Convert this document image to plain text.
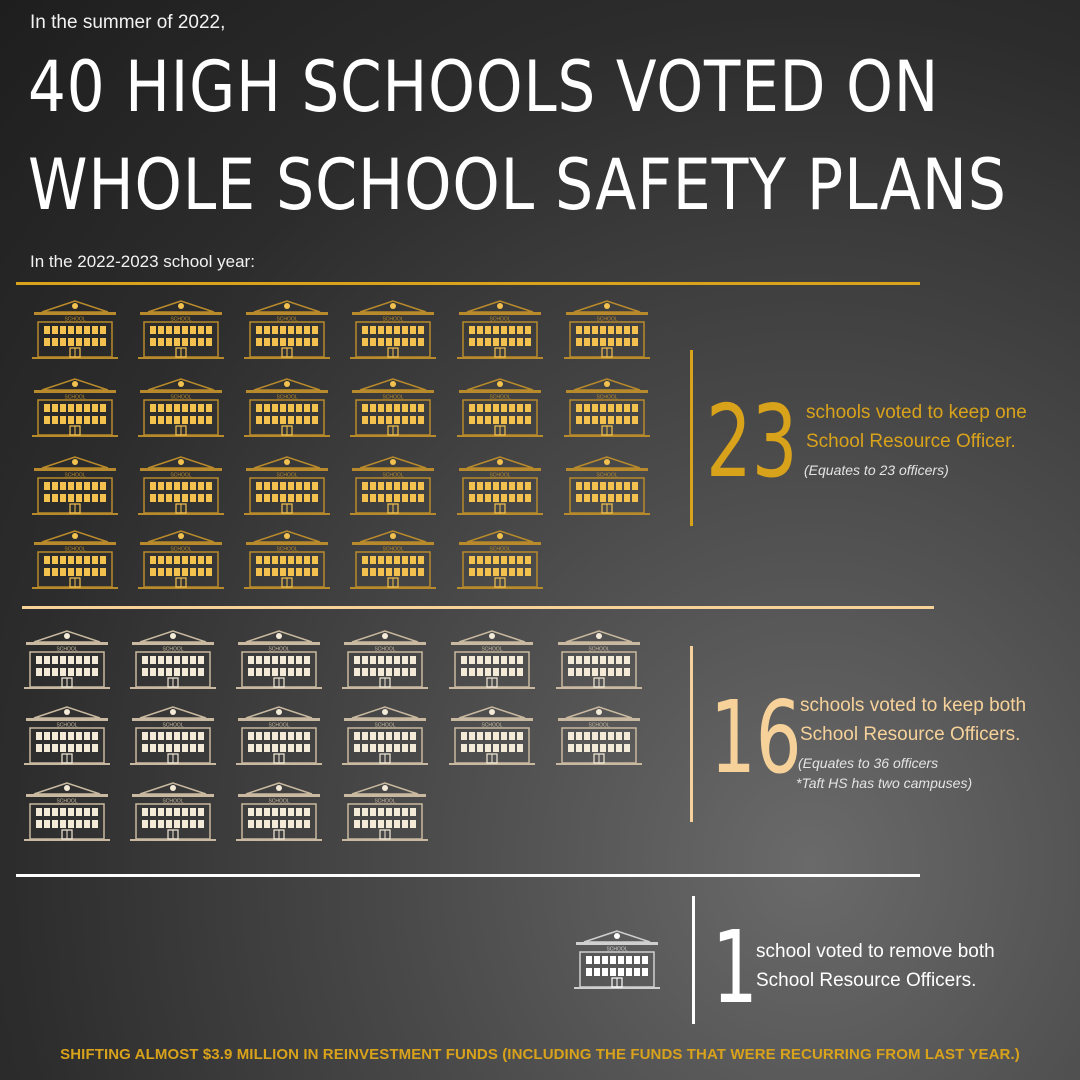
In the summer of 2022,
40 HIGH SCHOOLS VOTED ON
WHOLE SCHOOL SAFETY PLANS
In the 2022-2023 school year:
SCHOOL	SCHOOL	SCHOOL	SCHOOL	SCHOOL	SCHOOL
SCHOOL	SCHOOL	SCHOOL	SCHOOL	SCHOOL	SCHOOL
SCHOOL	SCHOOL	SCHOOL	SCHOOL	SCHOOL	SCHOOL
SCHOOL	SCHOOL	SCHOOL	SCHOOL	SCHOOL
SCHOOL	SCHOOL	SCHOOL	SCHOOL	SCHOOL	SCHOOL
SCHOOL	SCHOOL	SCHOOL	SCHOOL	SCHOOL	SCHOOL
SCHOOL	SCHOOL	SCHOOL	SCHOOL
SCHOOL
23 schools voted to keep one
School Resource Officer.
(Equates to 23 officers)
16
schools voted to keep both
School Resource Officers.
(Equates to 36 officers
*Taft HS has two campuses)
1
school voted to remove both
School Resource Officers.
SHIFTING ALMOST $3.9 MILLION IN REINVESTMENT FUNDS (INCLUDING THE FUNDS THAT WERE RECURRING FROM LAST YEAR.)
